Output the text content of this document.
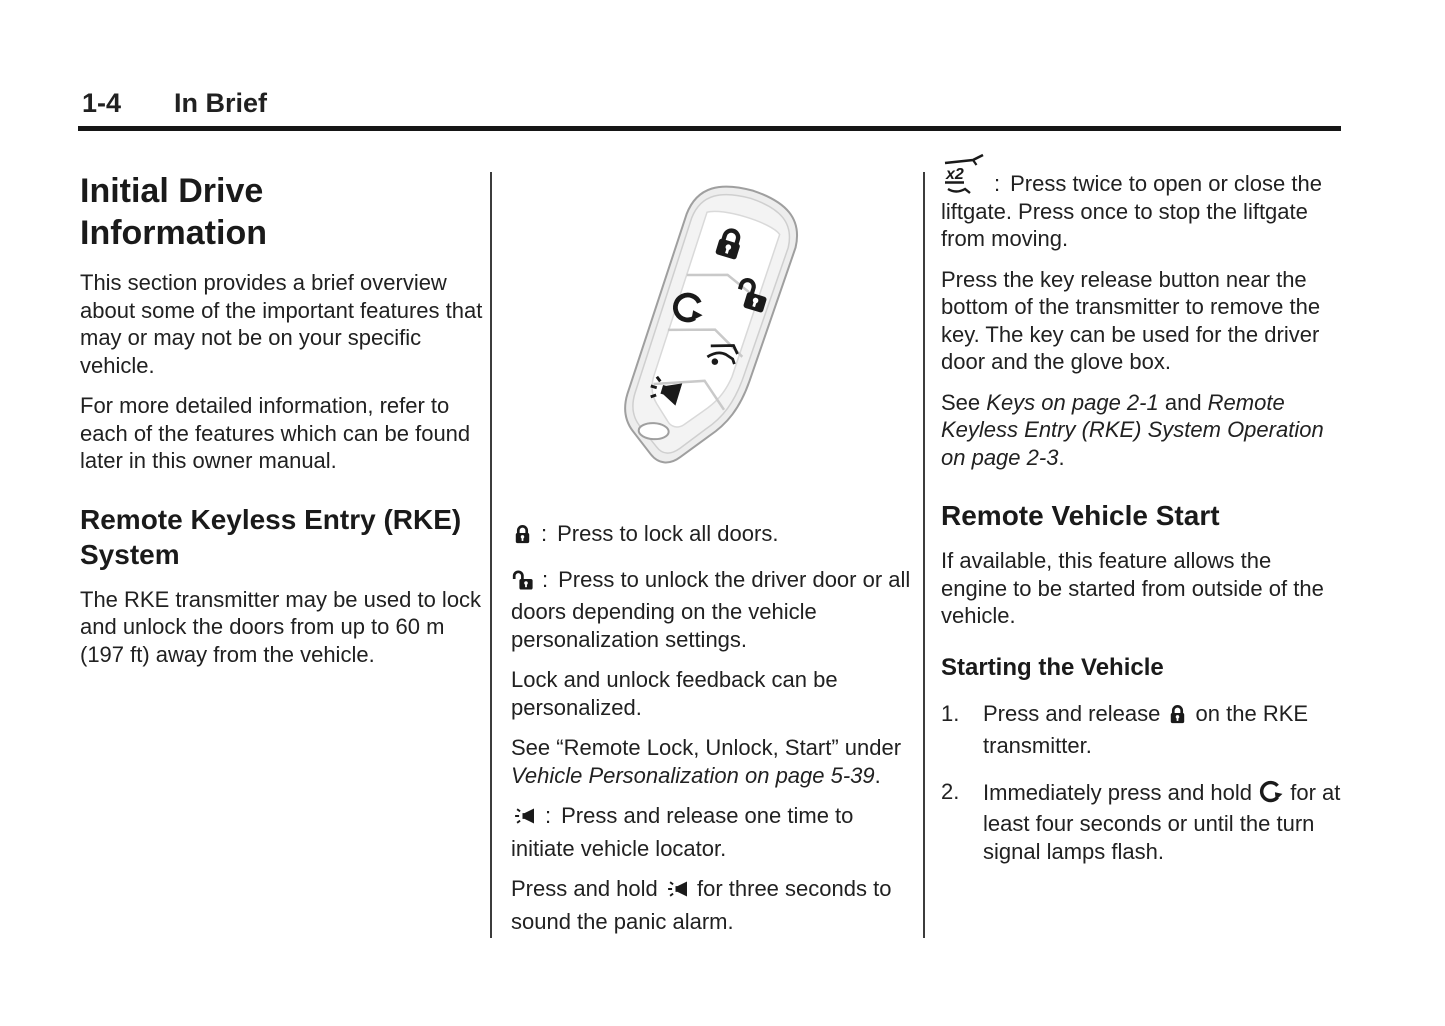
1-4 In Brief
Initial Drive Information

This section provides a brief overview about some of the important features that may or may not be on your specific vehicle.

For more detailed information, refer to each of the features which can be found later in this owner manual.

Remote Keyless Entry (RKE) System

The RKE transmitter may be used to lock and unlock the doors from up to 60 m (197 ft) away from the vehicle.

: Press to lock all doors.

: Press to unlock the driver door or all doors depending on the vehicle personalization settings.

Lock and unlock feedback can be personalized.

See “Remote Lock, Unlock, Start” under Vehicle Personalization on page 5-39.

: Press and release one time to initiate vehicle locator.

Press and hold  for three seconds to sound the panic alarm.

x2 : Press twice to open or close the liftgate. Press once to stop the liftgate from moving.

Press the key release button near the bottom of the transmitter to remove the key. The key can be used for the driver door and the glove box.

See Keys on page 2-1 and Remote Keyless Entry (RKE) System Operation on page 2-3.

Remote Vehicle Start

If available, this feature allows the engine to be started from outside of the vehicle.

Starting the Vehicle
1.	Press and release  on the RKE transmitter.
2.	Immediately press and hold  for at least four seconds or until the turn signal lamps flash.
